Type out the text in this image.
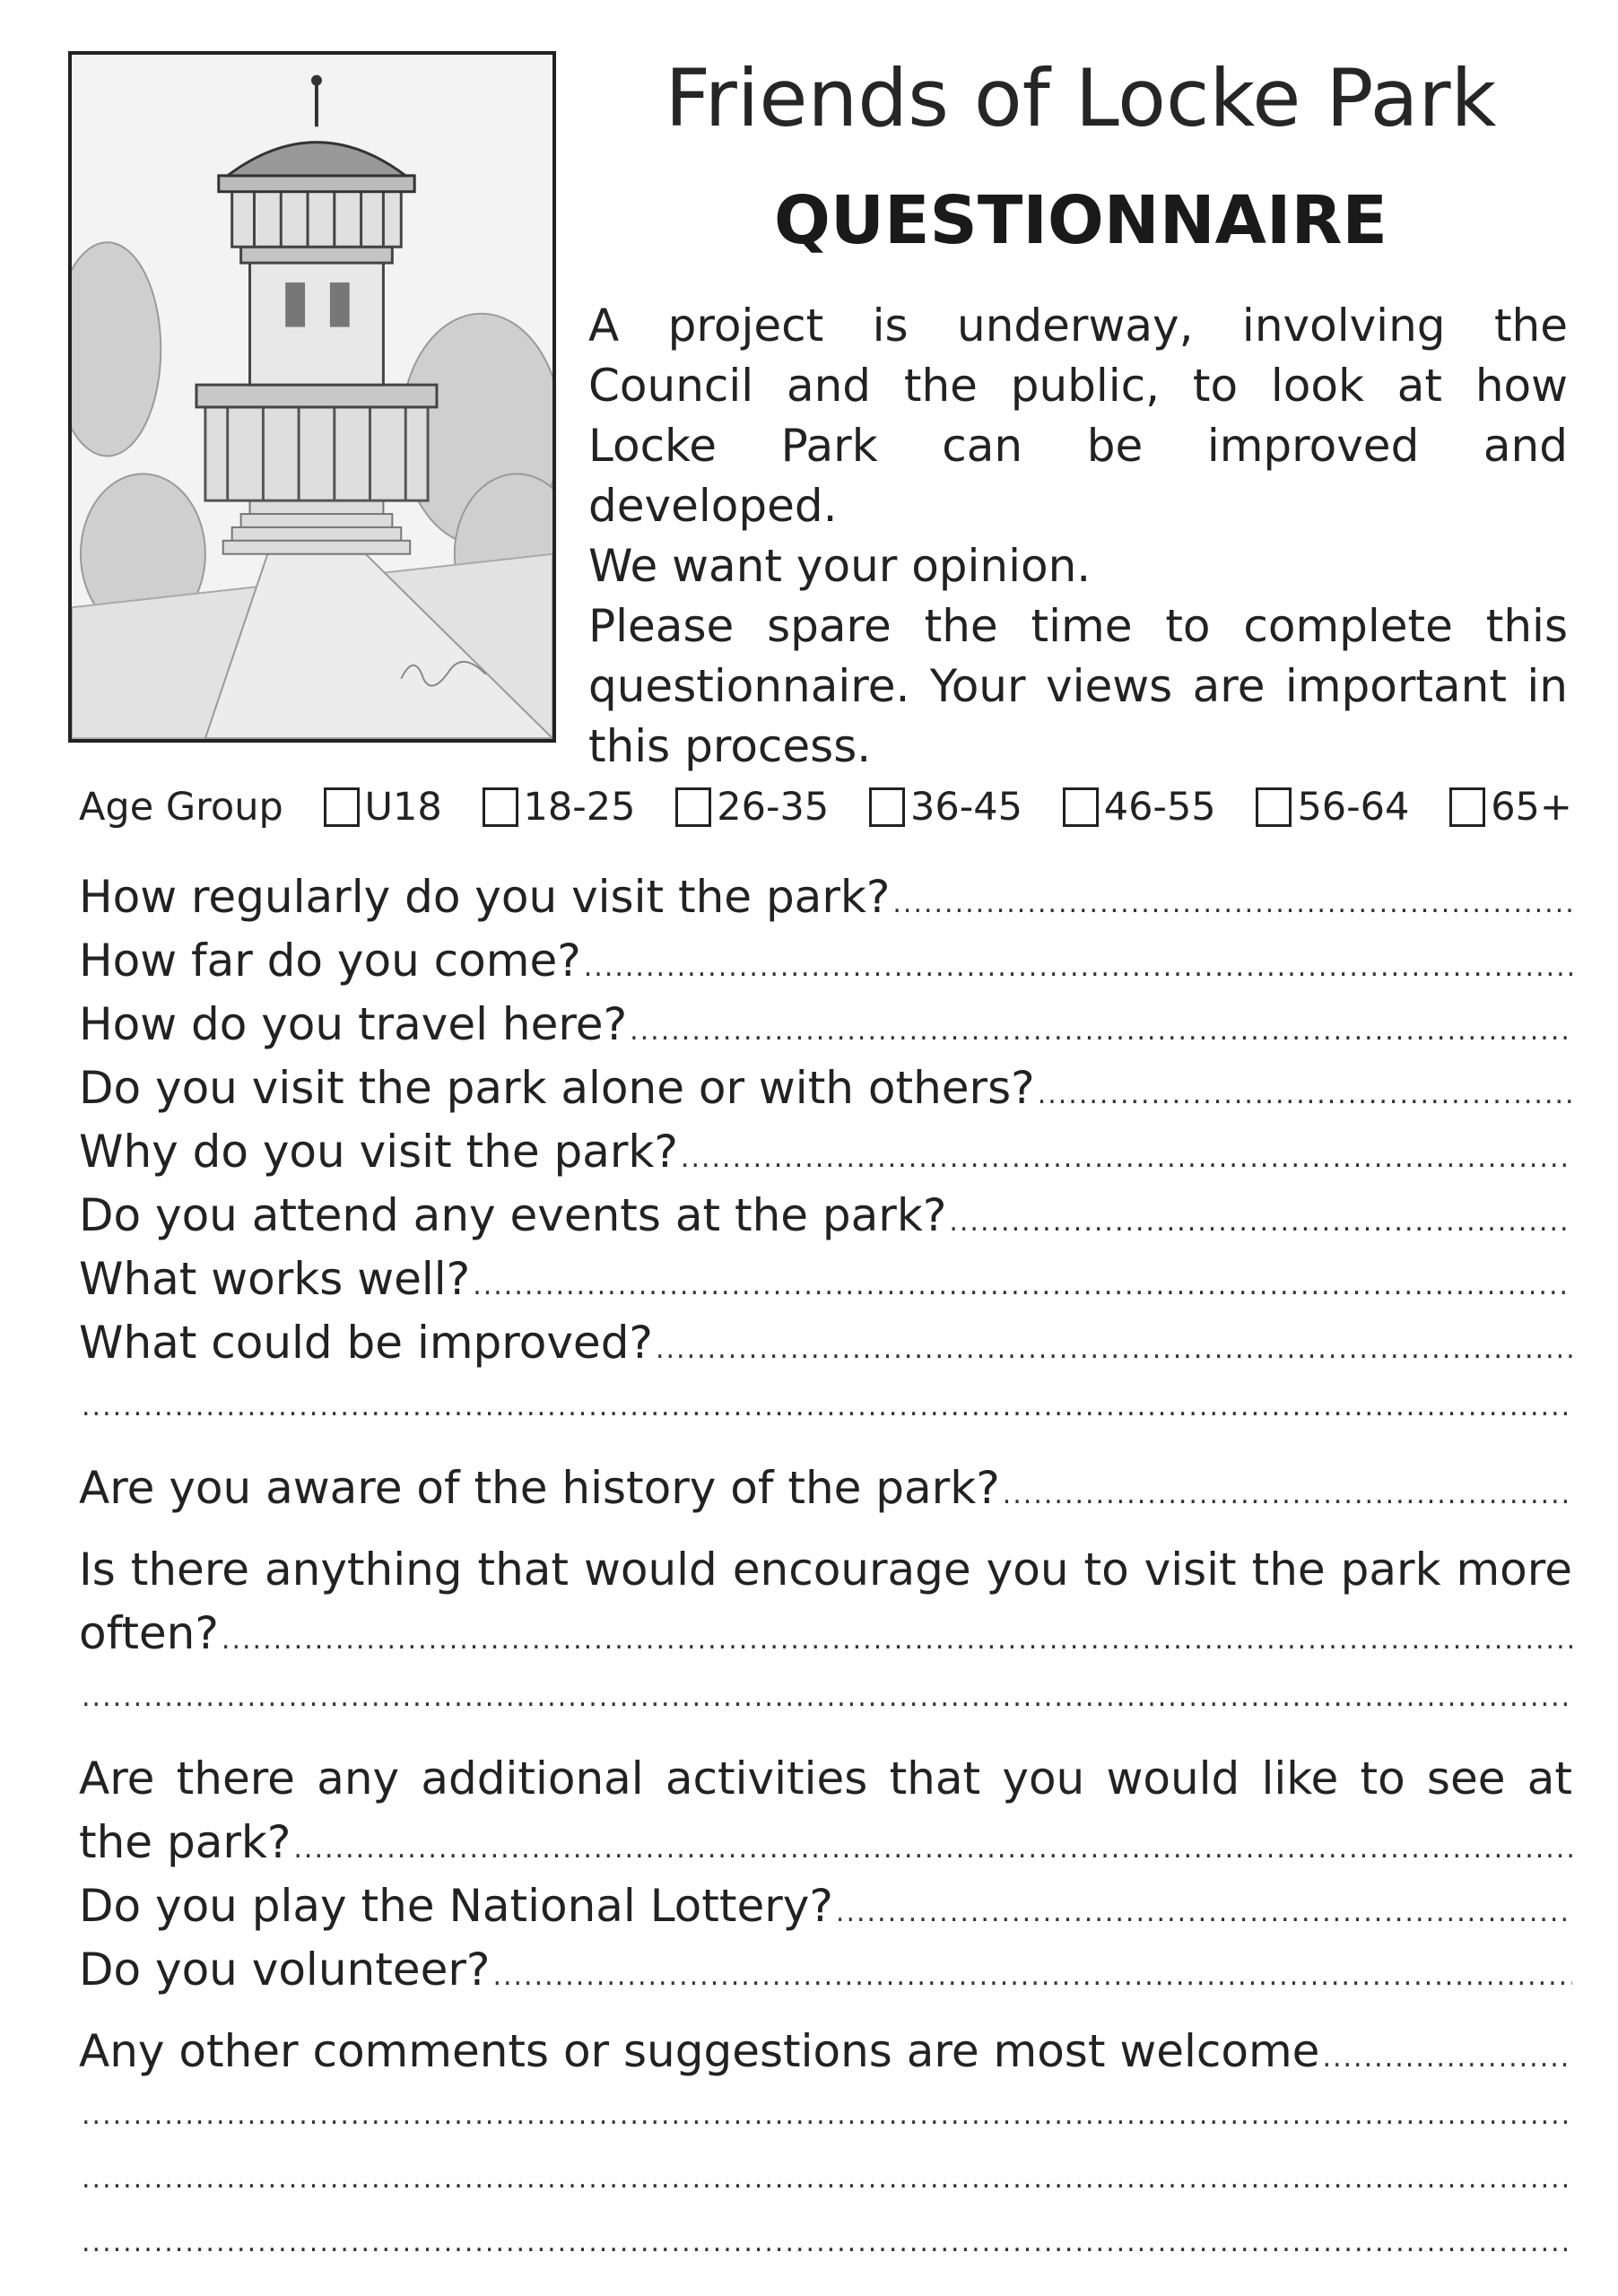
Friends of Locke Park
QUESTIONNAIRE

A project is underway, involving the Council and the public, to look at how Locke Park can be improved and developed.

We want your opinion.

Please spare the time to complete this questionnaire. Your views are important in this process.

Age Group U18 18-25 26-35 36-45 46-55 56-64 65+
How regularly do you visit the park?
.....
How far do you come?
.....
How do you travel here?
.....
Do you visit the park alone or with others?
.....
Why do you visit the park?
.....
Do you attend any events at the park?
.....
What works well?
.....
What could be improved?
.....
.....
Are you aware of the history of the park?
.....
Is there anything that would encourage you to visit the park more
often?
.....
.....
Are there any additional activities that you would like to see at
the park?
.....
Do you play the National Lottery?
.....
Do you volunteer?
.....
Any other comments or suggestions are most welcome
.....
.....
.....
.....
